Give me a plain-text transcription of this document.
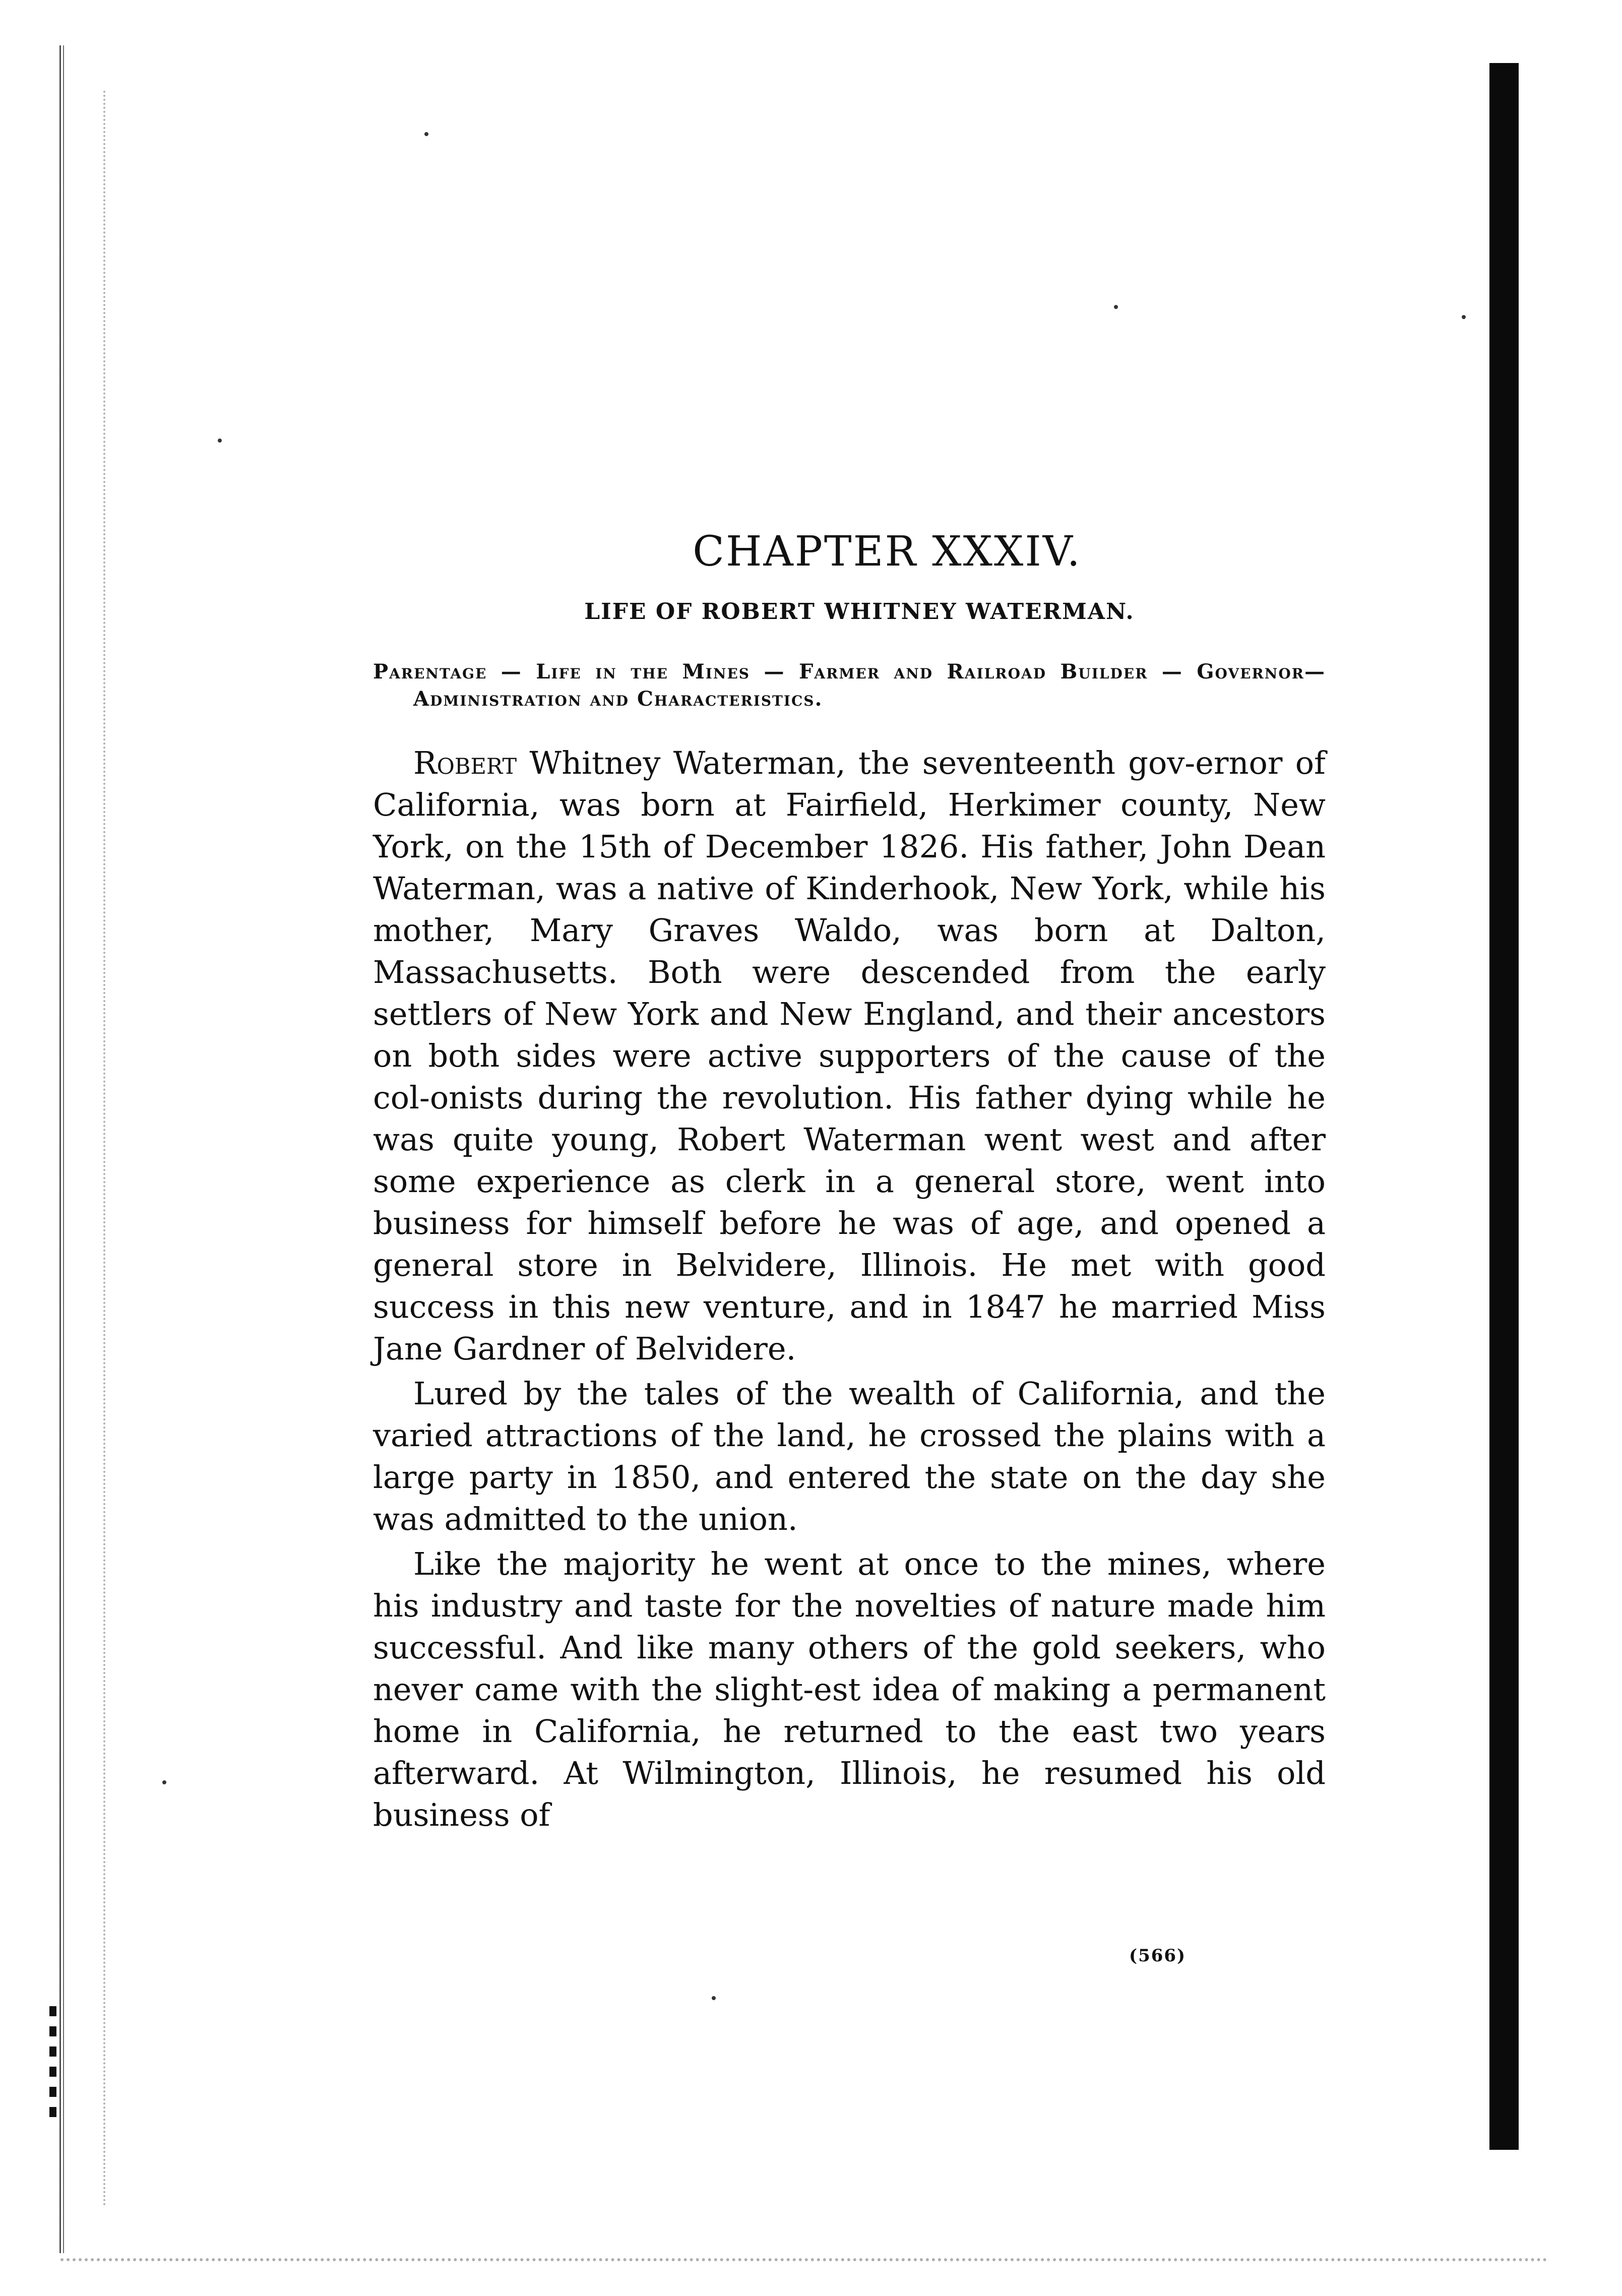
CHAPTER XXXIV.
LIFE OF ROBERT WHITNEY WATERMAN.

Parentage — Life in the Mines — Farmer and Railroad Builder — Governor—Administration and Characteristics.

Robert Whitney Waterman, the seventeenth gov-ernor of California, was born at Fairfield, Herkimer county, New York, on the 15th of December 1826. His father, John Dean Waterman, was a native of Kinderhook, New York, while his mother, Mary Graves Waldo, was born at Dalton, Massachusetts. Both were descended from the early settlers of New York and New England, and their ancestors on both sides were active supporters of the cause of the col-onists during the revolution. His father dying while he was quite young, Robert Waterman went west and after some experience as clerk in a general store, went into business for himself before he was of age, and opened a general store in Belvidere, Illinois. He met with good success in this new venture, and in 1847 he married Miss Jane Gardner of Belvidere.

Lured by the tales of the wealth of California, and the varied attractions of the land, he crossed the plains with a large party in 1850, and entered the state on the day she was admitted to the union.

Like the majority he went at once to the mines, where his industry and taste for the novelties of nature made him successful. And like many others of the gold seekers, who never came with the slight-est idea of making a permanent home in California, he returned to the east two years afterward. At Wilmington, Illinois, he resumed his old business of

(566)
